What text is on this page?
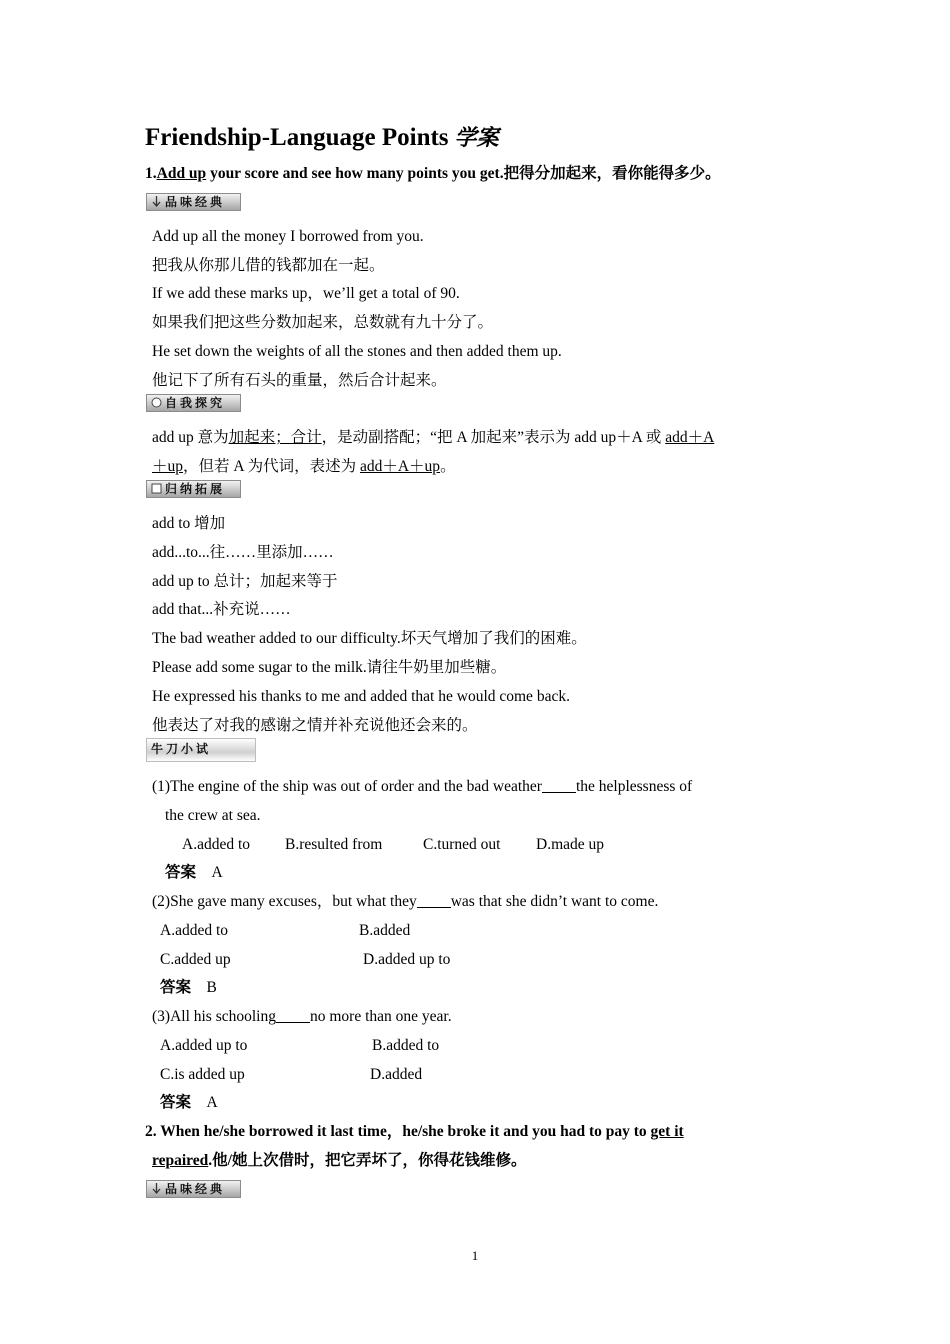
Friendship-Language Points 学案
1.Add up your score and see how many points you get.把得分加起来，看你能得多少。
品味经典
Add up all the money I borrowed from you.
把我从你那儿借的钱都加在一起。
If we add these marks up，we’ll get a total of 90.
如果我们把这些分数加起来，总数就有九十分了。
He set down the weights of all the stones and then added them up.
他记下了所有石头的重量，然后合计起来。
自我探究
add up 意为加起来；合计，是动副搭配；“把 A 加起来”表示为 add up＋A 或 add＋A
＋up，但若 A 为代词，表述为 add＋A＋up。
归纳拓展
add to 增加
add...to...往……里添加……
add up to 总计；加起来等于
add that...补充说……
The bad weather added to our difficulty.坏天气增加了我们的困难。
Please add some sugar to the milk.请往牛奶里加些糖。
He expressed his thanks to me and added that he would come back.
他表达了对我的感谢之情并补充说他还会来的。
牛刀小试
(1)The engine of the ship was out of order and the bad weather the helplessness of
the crew at sea.
A.added to B.resulted from	C.turned out D.made up
答案 A
(2)She gave many excuses，but what they was that she didn’t want to come.
A.added to	B.added
C.added up	D.added up to
答案 B
(3)All his schooling no more than one year.
A.added up to	B.added to
C.is added up	D.added
答案 A
2. When he/she borrowed it last time，he/she broke it and you had to pay to get it
repaired.他/她上次借时，把它弄坏了，你得花钱维修。
品味经典
1
